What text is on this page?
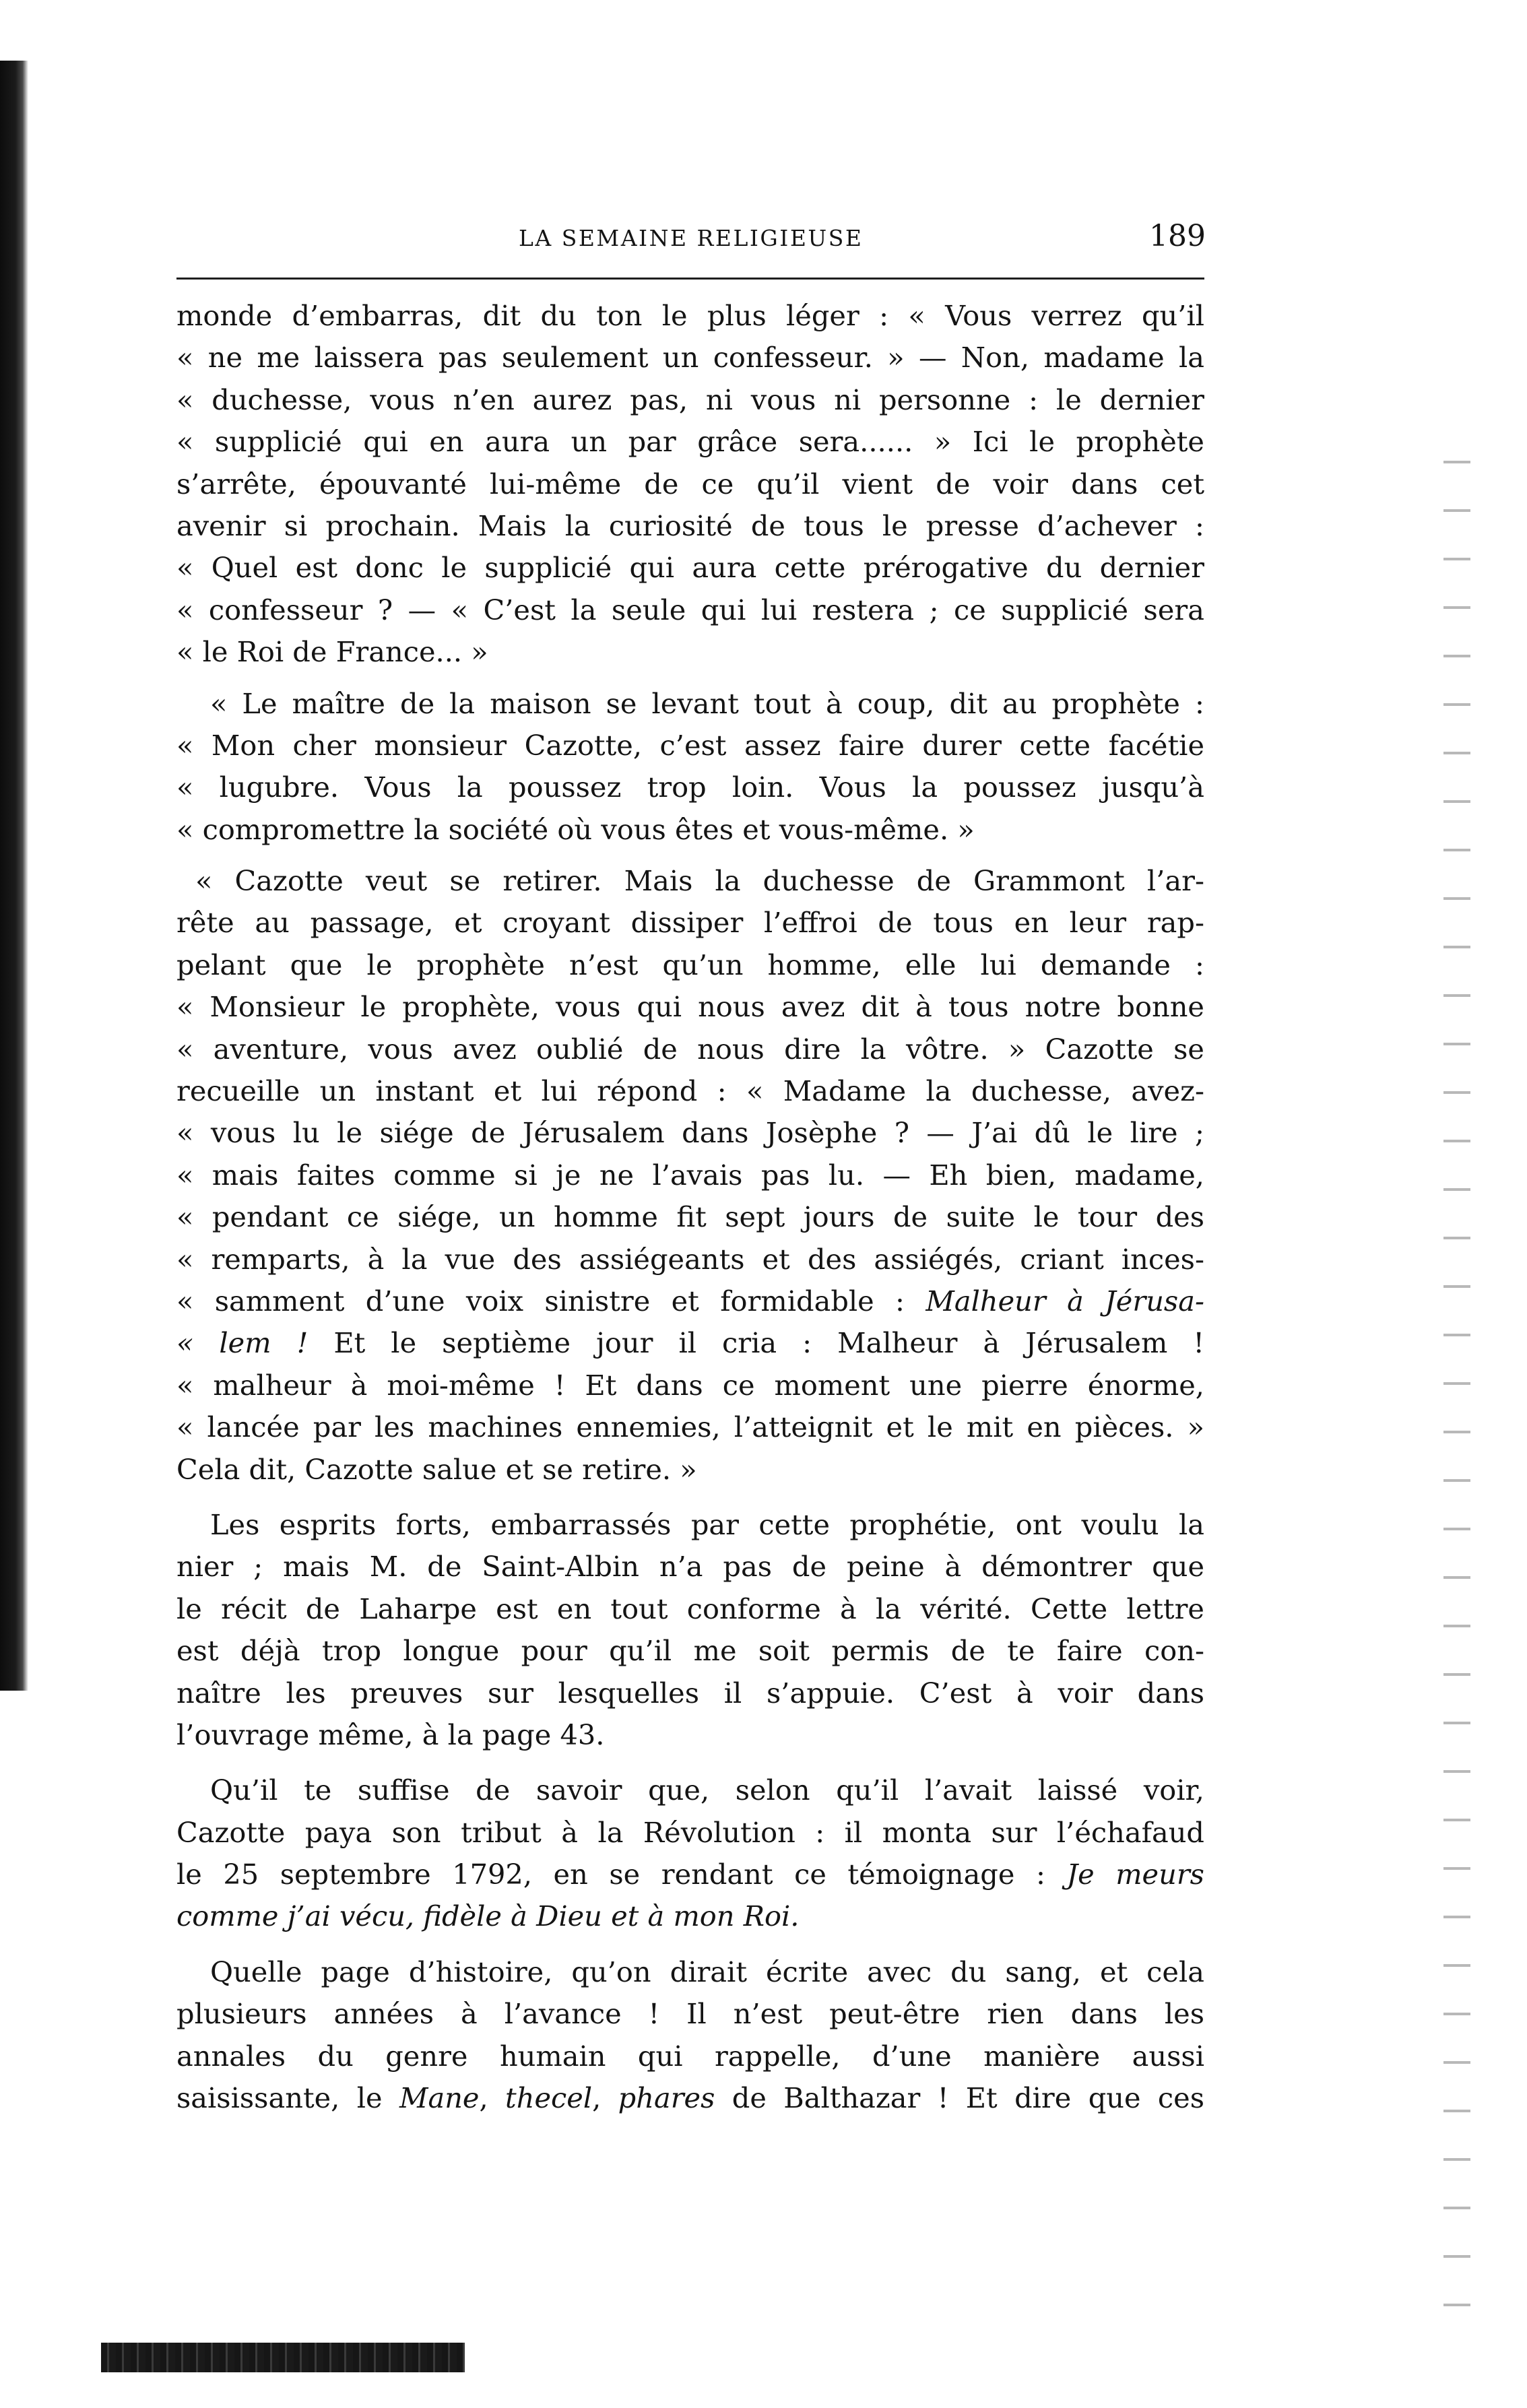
LA SEMAINE RELIGIEUSE	189
monde d’embarras, dit du ton le plus léger : « Vous verrez qu’il
« ne me laissera pas seulement un confesseur. » — Non, madame la
« duchesse, vous n’en aurez pas, ni vous ni personne : le dernier
« supplicié qui en aura un par grâce sera...... » Ici le prophète
s’arrête, épouvanté lui-même de ce qu’il vient de voir dans cet
avenir si prochain. Mais la curiosité de tous le presse d’achever :
« Quel est donc le supplicié qui aura cette prérogative du dernier
« confesseur ? — « C’est la seule qui lui restera ; ce supplicié sera
« le Roi de France... »
« Le maître de la maison se levant tout à coup, dit au prophète :
« Mon cher monsieur Cazotte, c’est assez faire durer cette facétie
« lugubre. Vous la poussez trop loin. Vous la poussez jusqu’à
« compromettre la société où vous êtes et vous-même. »
« Cazotte veut se retirer. Mais la duchesse de Grammont l’ar-
rête au passage, et croyant dissiper l’effroi de tous en leur rap-
pelant que le prophète n’est qu’un homme, elle lui demande :
« Monsieur le prophète, vous qui nous avez dit à tous notre bonne
« aventure, vous avez oublié de nous dire la vôtre. » Cazotte se
recueille un instant et lui répond : « Madame la duchesse, avez-
« vous lu le siége de Jérusalem dans Josèphe ? — J’ai dû le lire ;
« mais faites comme si je ne l’avais pas lu. — Eh bien, madame,
« pendant ce siége, un homme fit sept jours de suite le tour des
« remparts, à la vue des assiégeants et des assiégés, criant inces-
« samment d’une voix sinistre et formidable : Malheur à Jérusa-
« lem ! Et le septième jour il cria : Malheur à Jérusalem !
« malheur à moi-même ! Et dans ce moment une pierre énorme,
« lancée par les machines ennemies, l’atteignit et le mit en pièces. »
Cela dit, Cazotte salue et se retire. »
Les esprits forts, embarrassés par cette prophétie, ont voulu la
nier ; mais M. de Saint-Albin n’a pas de peine à démontrer que
le récit de Laharpe est en tout conforme à la vérité. Cette lettre
est déjà trop longue pour qu’il me soit permis de te faire con-
naître les preuves sur lesquelles il s’appuie. C’est à voir dans
l’ouvrage même, à la page 43.
Qu’il te suffise de savoir que, selon qu’il l’avait laissé voir,
Cazotte paya son tribut à la Révolution : il monta sur l’échafaud
le 25 septembre 1792, en se rendant ce témoignage : Je meurs
comme j’ai vécu, fidèle à Dieu et à mon Roi.
Quelle page d’histoire, qu’on dirait écrite avec du sang, et cela
plusieurs années à l’avance ! Il n’est peut-être rien dans les
annales du genre humain qui rappelle, d’une manière aussi
saisissante, le Mane, thecel, phares de Balthazar ! Et dire que ces
